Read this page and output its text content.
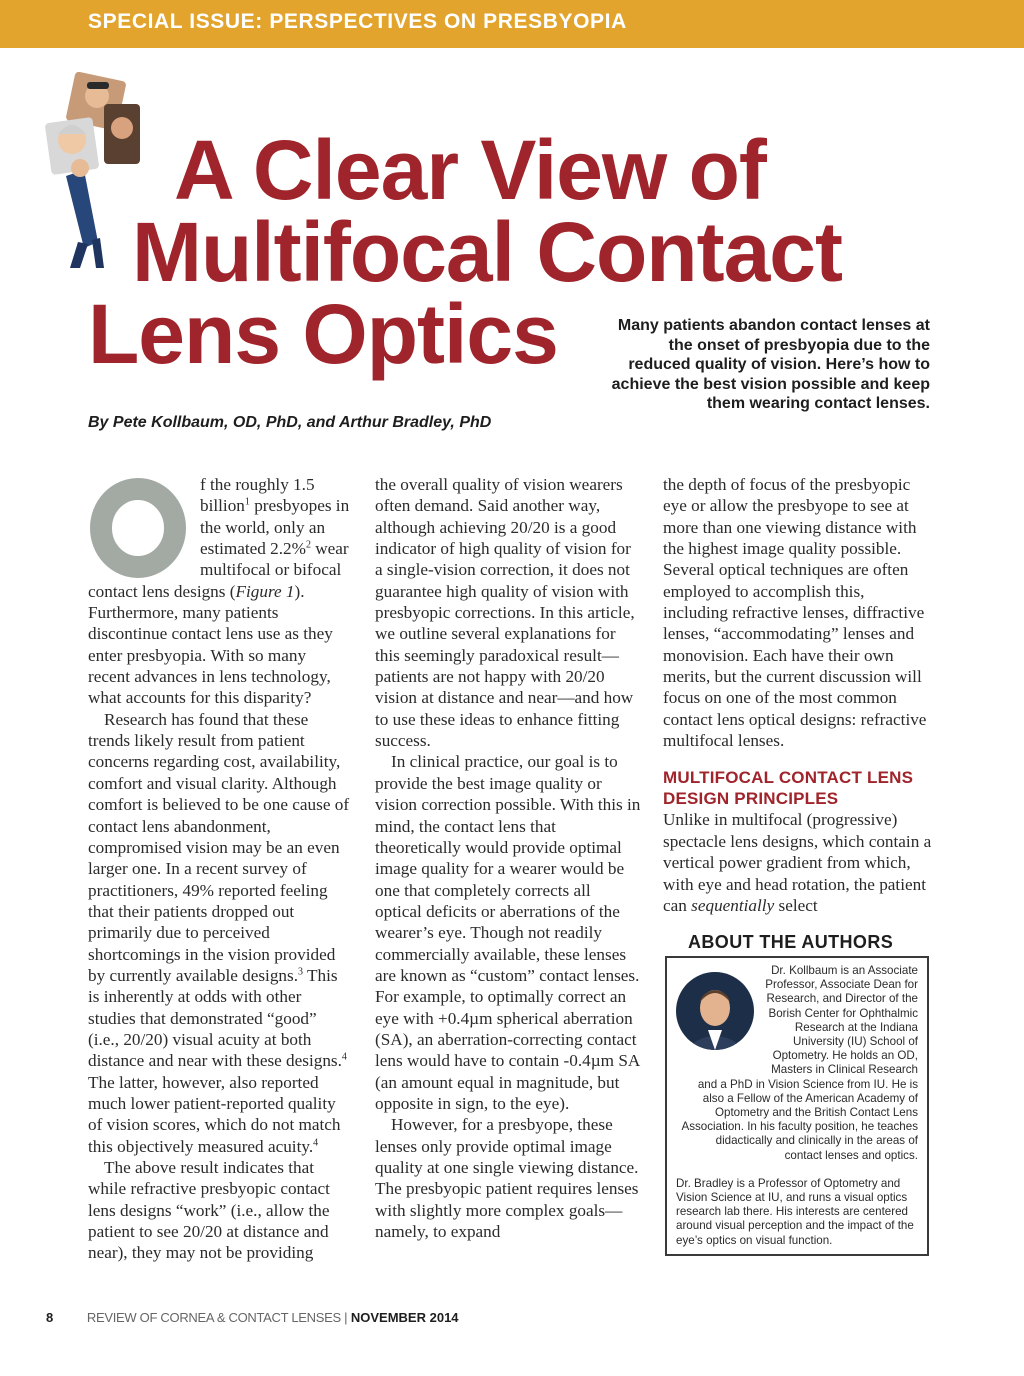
SPECIAL ISSUE: PERSPECTIVES ON PRESBYOPIA
A Clear View of
Multifocal Contact
Lens Optics	Many patients abandon contact lenses at the onset of presbyopia due to the reduced quality of vision. Here’s how to achieve the best vision possible and keep them wearing contact lenses.
By Pete Kollbaum, OD, PhD, and Arthur Bradley, PhD

f the roughly 1.5 billion$^1$ presbyopes in the world, only an estimated 2.2%$^2$ wear multifocal or bifocal contact lens designs (Figure 1). Furthermore, many patients discontinue contact lens use as they enter presbyopia. With so many recent advances in lens technology, what accounts for this disparity?

Research has found that these trends likely result from patient concerns regarding cost, availability, comfort and visual clarity. Although comfort is believed to be one cause of contact lens abandonment, compromised vision may be an even larger one. In a recent survey of practitioners, 49% reported feeling that their patients dropped out primarily due to perceived shortcomings in the vision provided by currently available designs.$^3$ This is inherently at odds with other studies that demonstrated “good” (i.e., 20/20) visual acuity at both distance and near with these designs.$^4$ The latter, however, also reported much lower patient-reported quality of vision scores, which do not match this objectively measured acuity.$^4$

The above result indicates that while refractive presbyopic contact lens designs “work” (i.e., allow the patient to see 20/20 at distance and near), they may not be providing

the overall quality of vision wearers often demand. Said another way, although achieving 20/20 is a good indicator of high quality of vision for a single-vision correction, it does not guarantee high quality of vision with presbyopic corrections. In this article, we outline several explanations for this seemingly paradoxical result—patients are not happy with 20/20 vision at distance and near—and how to use these ideas to enhance fitting success.

In clinical practice, our goal is to provide the best image quality or vision correction possible. With this in mind, the contact lens that theoretically would provide optimal image quality for a wearer would be one that completely corrects all optical deficits or aberrations of the wearer’s eye. Though not readily commercially available, these lenses are known as “custom” contact lenses. For example, to optimally correct an eye with +0.4µm spherical aberration (SA), an aberration-correcting contact lens would have to contain -0.4µm SA (an amount equal in magnitude, but opposite in sign, to the eye).

However, for a presbyope, these lenses only provide optimal image quality at one single viewing distance. The presbyopic patient requires lenses with slightly more complex goals—namely, to expand

the depth of focus of the presbyopic eye or allow the presbyope to see at more than one viewing distance with the highest image quality possible. Several optical techniques are often employed to accomplish this, including refractive lenses, diffractive lenses, “accommodating” lenses and monovision. Each have their own merits, but the current discussion will focus on one of the most common contact lens optical designs: refractive multifocal lenses.

MULTIFOCAL CONTACT LENS DESIGN PRINCIPLES

Unlike in multifocal (progressive) spectacle lens designs, which contain a vertical power gradient from which, with eye and head rotation, the patient can sequentially select

ABOUT THE AUTHORS

Dr. Kollbaum is an Associate Professor, Associate Dean for Research, and Director of the Borish Center for Ophthalmic Research at the Indiana University (IU) School of Optometry. He holds an OD, Masters in Clinical Research

and a PhD in Vision Science from IU. He is also a Fellow of the American Academy of Optometry and the British Contact Lens Association. In his faculty position, he teaches didactically and clinically in the areas of contact lenses and optics.

Dr. Bradley is a Professor of Optometry and Vision Science at IU, and runs a visual optics research lab there. His interests are centered around visual perception and the impact of the eye’s optics on visual function.

8	REVIEW OF CORNEA & CONTACT LENSES | NOVEMBER 2014
